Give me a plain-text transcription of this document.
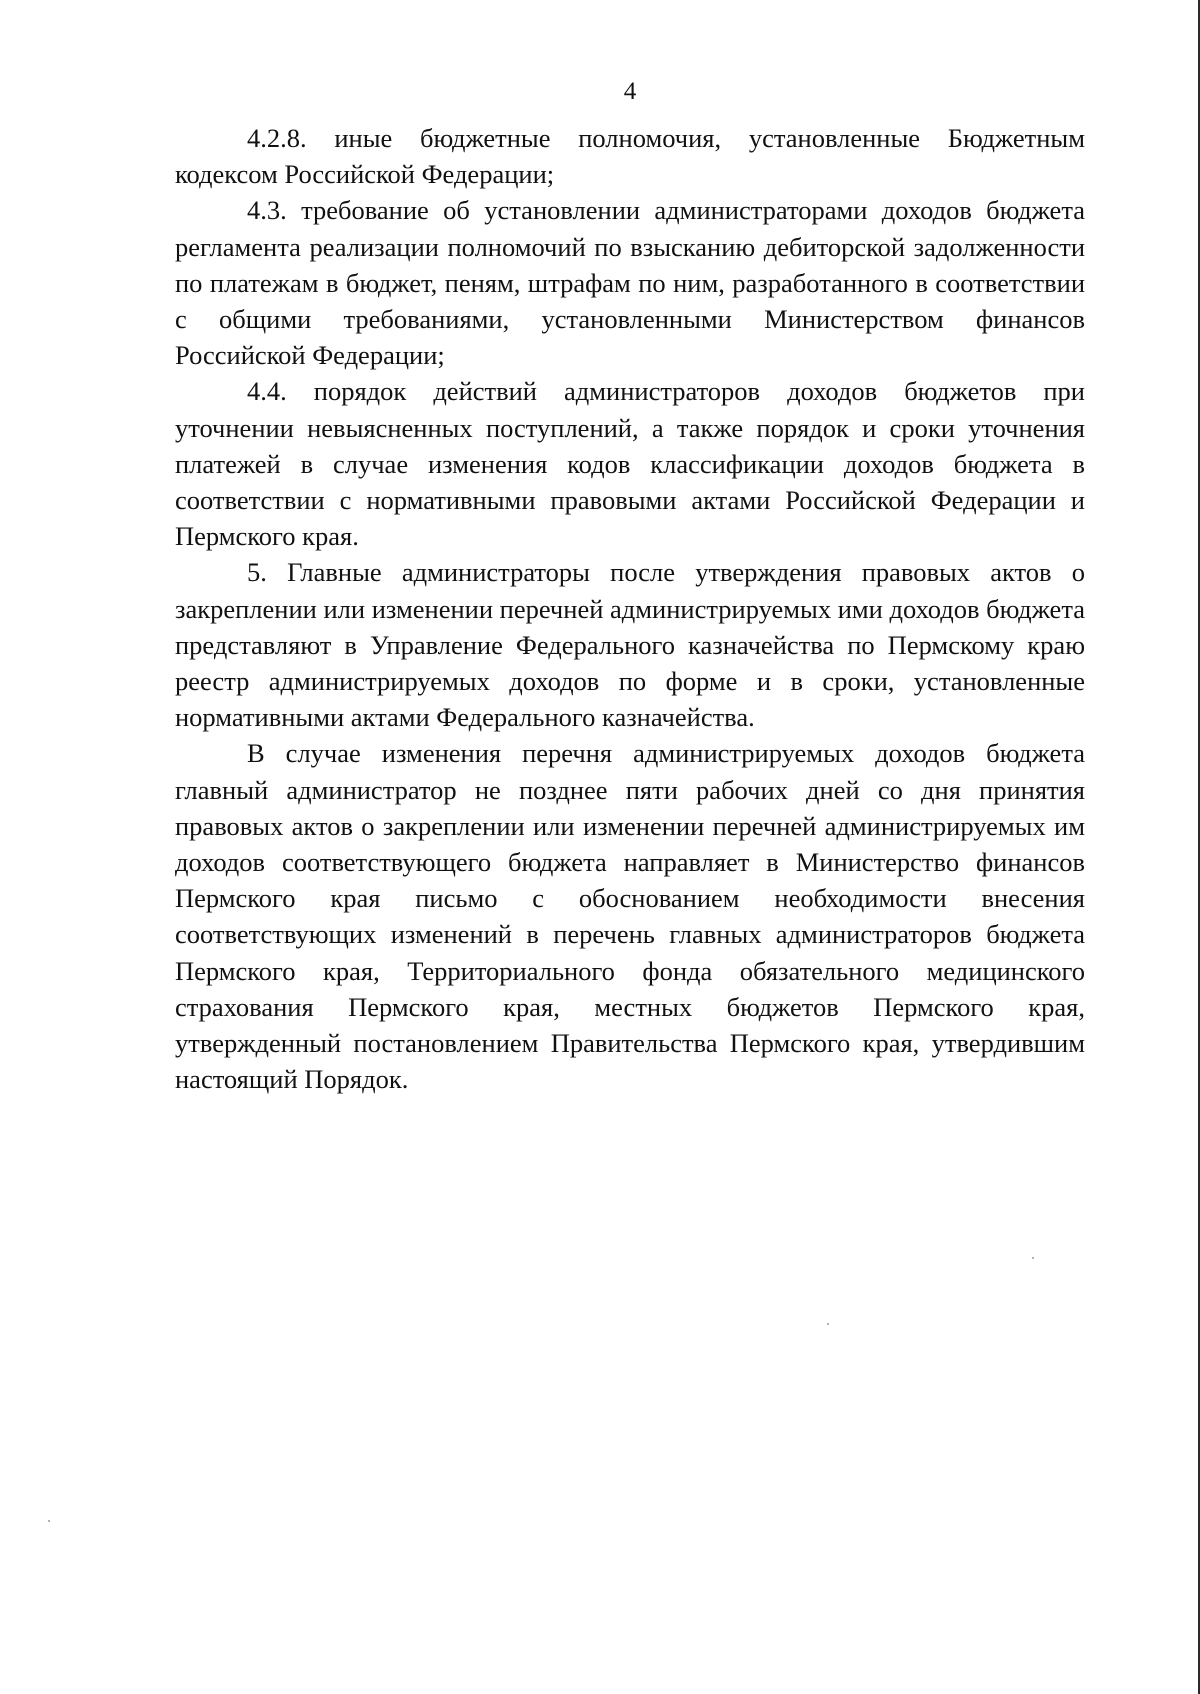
4

4.2.8. иные бюджетные полномочия, установленные Бюджетным кодексом Российской Федерации;

4.3. требование об установлении администраторами доходов бюджета регламента реализации полномочий по взысканию дебиторской задолженности по платежам в бюджет, пеням, штрафам по ним, разработанного в соответствии с общими требованиями, установленными Министерством финансов Российской Федерации;

4.4. порядок действий администраторов доходов бюджетов при уточнении невыясненных поступлений, а также порядок и сроки уточнения платежей в случае изменения кодов классификации доходов бюджета в соответствии с нормативными правовыми актами Российской Федерации и Пермского края.

5. Главные администраторы после утверждения правовых актов о закреплении или изменении перечней администрируемых ими доходов бюджета представляют в Управление Федерального казначейства по Пермскому краю реестр администрируемых доходов по форме и в сроки, установленные нормативными актами Федерального казначейства.

В случае изменения перечня администрируемых доходов бюджета главный администратор не позднее пяти рабочих дней со дня принятия правовых актов о закреплении или изменении перечней администрируемых им доходов соответствующего бюджета направляет в Министерство финансов Пермского края письмо с обоснованием необходимости внесения соответствующих изменений в перечень главных администраторов бюджета Пермского края, Территориального фонда обязательного медицинского страхования Пермского края, местных бюджетов Пермского края, утвержденный постановлением Правительства Пермского края, утвердившим настоящий Порядок.
